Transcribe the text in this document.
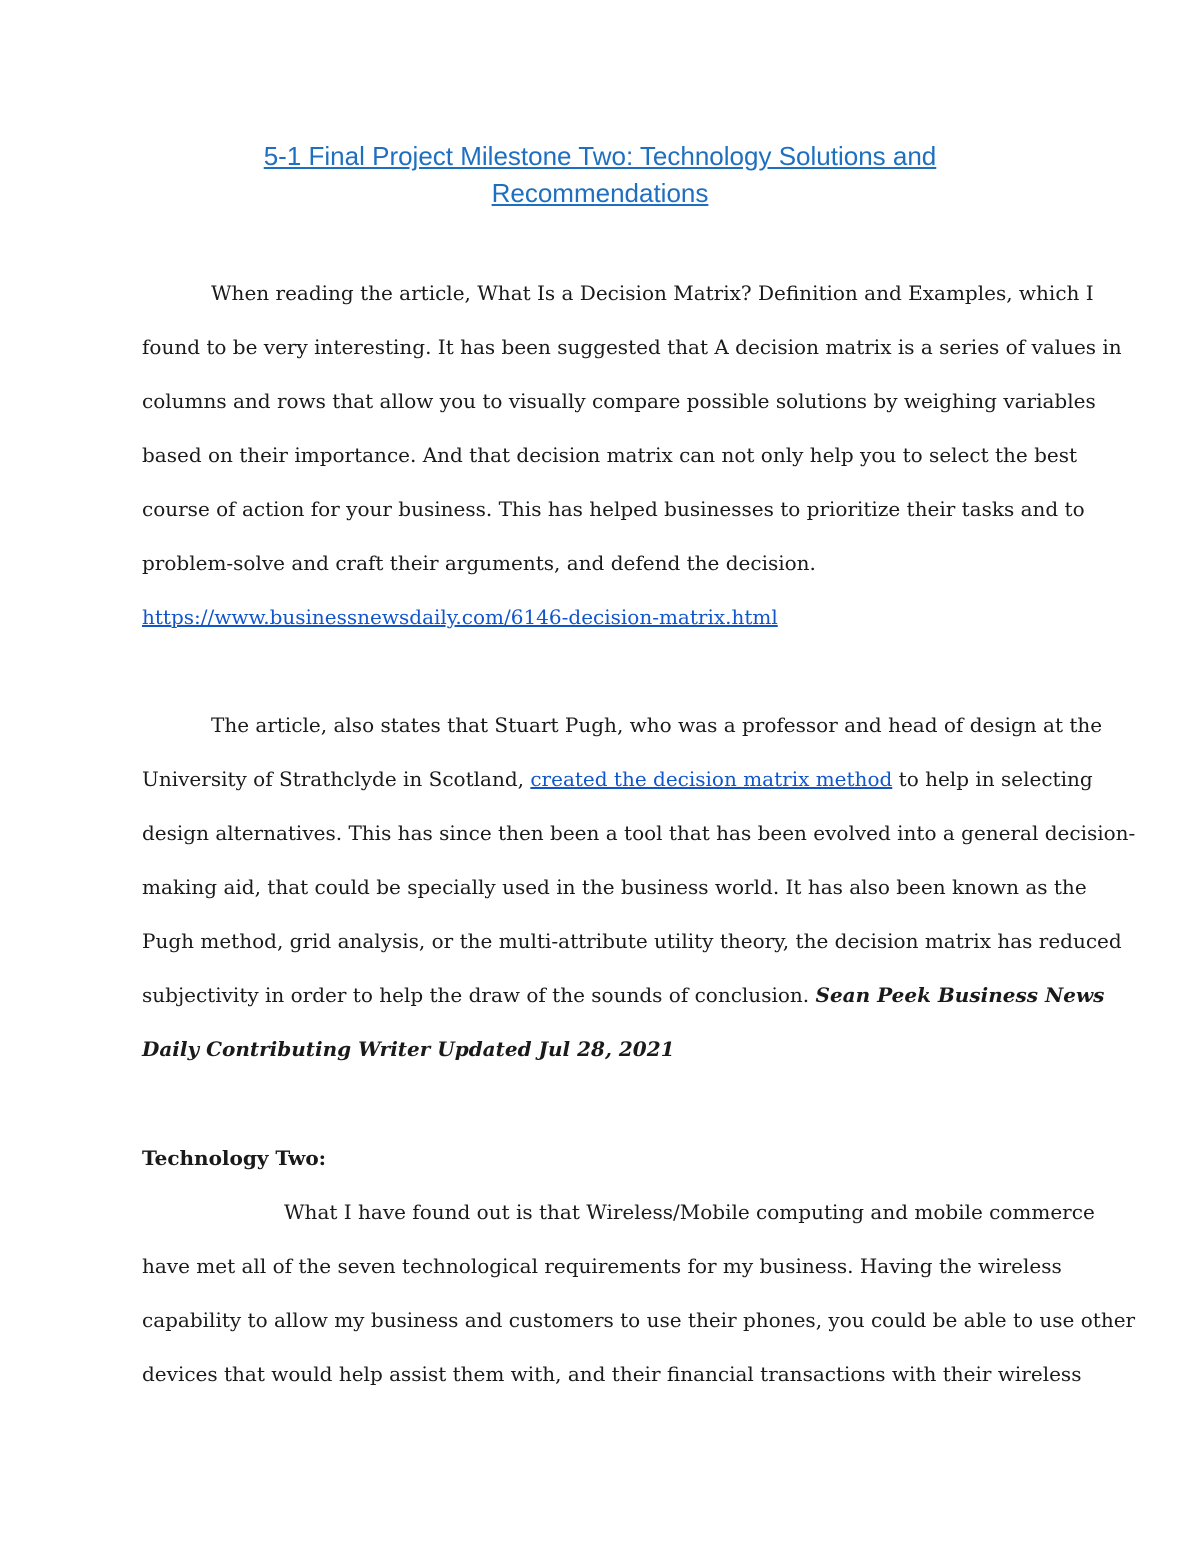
5-1 Final Project Milestone Two: Technology Solutions and
Recommendations
When reading the article, What Is a Decision Matrix? Definition and Examples, which I
found to be very interesting. It has been suggested that A decision matrix is a series of values in
columns and rows that allow you to visually compare possible solutions by weighing variables
based on their importance. And that decision matrix can not only help you to select the best
course of action for your business. This has helped businesses to prioritize their tasks and to
problem-solve and craft their arguments, and defend the decision.
https://www.businessnewsdaily.com/6146-decision-matrix.html
The article, also states that Stuart Pugh, who was a professor and head of design at the
University of Strathclyde in Scotland, created the decision matrix method to help in selecting
design alternatives. This has since then been a tool that has been evolved into a general decision-
making aid, that could be specially used in the business world. It has also been known as the
Pugh method, grid analysis, or the multi-attribute utility theory, the decision matrix has reduced
subjectivity in order to help the draw of the sounds of conclusion. Sean Peek Business News
Daily Contributing Writer Updated Jul 28, 2021
Technology Two:
What I have found out is that Wireless/Mobile computing and mobile commerce
have met all of the seven technological requirements for my business. Having the wireless
capability to allow my business and customers to use their phones, you could be able to use other
devices that would help assist them with, and their financial transactions with their wireless
